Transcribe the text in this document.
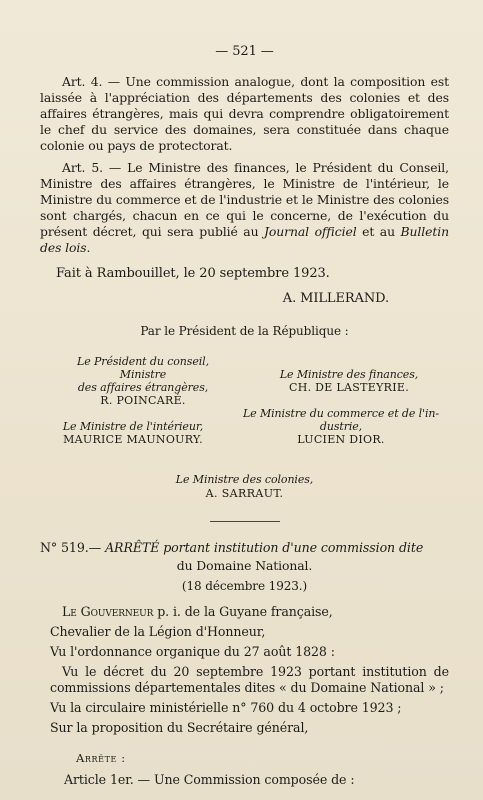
— 521 —

Art. 4. — Une commission analogue, dont la composition est laissée à l'appréciation des départements des colonies et des affaires étrangères, mais qui devra comprendre obligatoirement le chef du service des domaines, sera constituée dans chaque colonie ou pays de protectorat.

Art. 5. — Le Ministre des finances, le Président du Conseil, Ministre des affaires étrangères, le Ministre de l'intérieur, le Ministre du commerce et de l'industrie et le Ministre des colonies sont chargés, chacun en ce qui le concerne, de l'exécution du présent décret, qui sera publié au Journal officiel et au Bulletin des lois.

Fait à Rambouillet, le 20 septembre 1923.
A. MILLERAND.
Par le Président de la République :
Le Président du conseil, Ministre
des affaires étrangères,
R. POINCARÉ.
Le Ministre des finances,
CH. DE LASTEYRIE.
Le Ministre du commerce et de l'in-
dustrie,
LUCIEN DIOR.
Le Ministre de l'intérieur,
MAURICE MAUNOURY.
Le Ministre des colonies,
A. SARRAUT.

N° 519.— ARRÊTÉ portant institution d'une commission dite

du Domaine National.
(18 décembre 1923.)
Le Gouverneur p. i. de la Guyane française,
Chevalier de la Légion d'Honneur,
Vu l'ordonnance organique du 27 août 1828 :
Vu le décret du 20 septembre 1923 portant institution de commissions départementales dites « du Domaine National » ;
Vu la circulaire ministérielle n° 760 du 4 octobre 1923 ;
Sur la proposition du Secrétaire général,
Arrête :
Article 1er. — Une Commission composée de :
